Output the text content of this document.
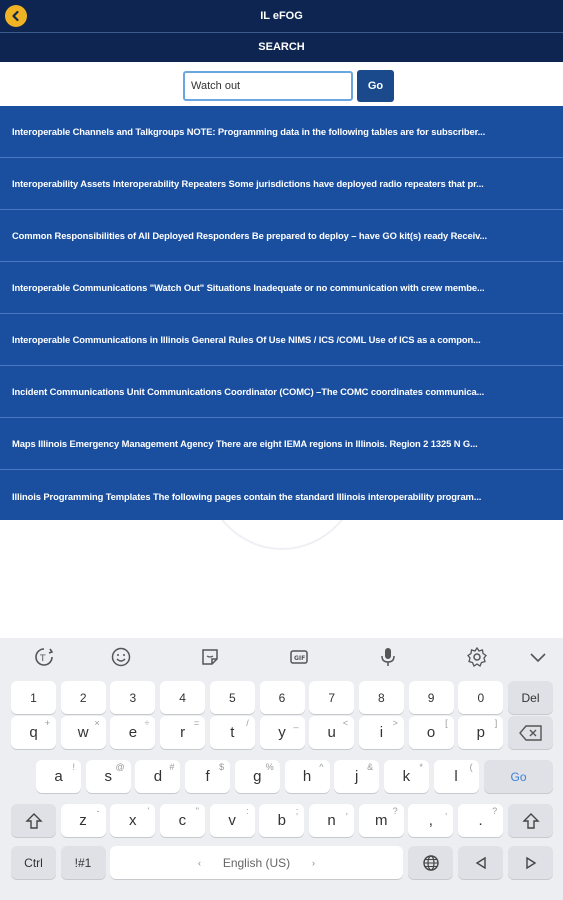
IL eFOG
SEARCH
Watch out
Go
Interoperable Channels and Talkgroups NOTE: Programming data in the following tables are for subscriber...
Interoperability Assets Interoperability Repeaters Some jurisdictions have deployed radio repeaters that pr...
Common Responsibilities of All Deployed Responders Be prepared to deploy – have GO kit(s) ready Receiv...
Interoperable Communications "Watch Out" Situations Inadequate or no communication with crew membe...
Interoperable Communications in Illinois General Rules Of Use NIMS / ICS /COML Use of ICS as a compon...
Incident Communications Unit Communications Coordinator (COMC) –The COMC coordinates communica...
Maps Illinois Emergency Management Agency There are eight IEMA regions in Illinois. Region 2 1325 N G...
Illinois Programming Templates The following pages contain the standard Illinois interoperability program...
T	GIF
1	2	3	4	5	6	7	8	9	0	Del
+
q
×
w
÷
e
=
r
/
t
_
y
<
u
>
i
[
o
]
p
!
a
@
s
#
d
$
f
%
g
^
h
&
j
*
k
(
l	Go
-
z
'
x
"
c
:
v
;
b
,
n
?
m
,
,
?
.
Ctrl	!#1	‹ English (US) ›
